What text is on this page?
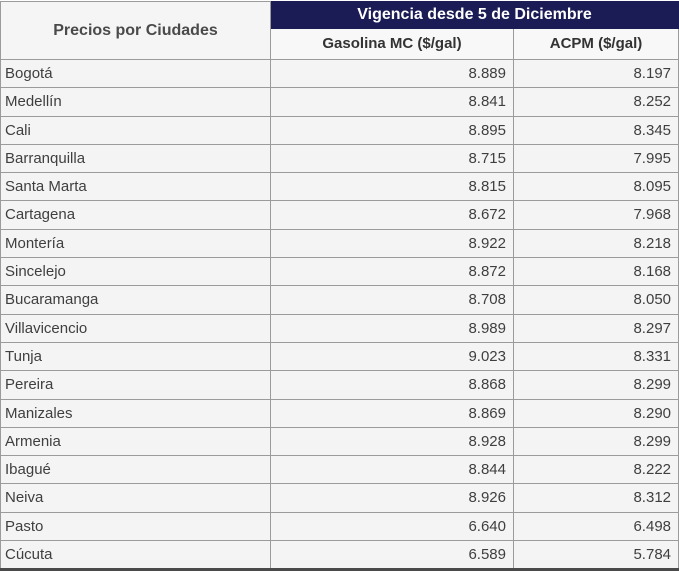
Precios por Ciudades	Vigencia desde 5 de Diciembre	
	Gasolina MC ($/gal)	ACPM ($/gal)
Bogotá	8.889	8.197
Medellín	8.841	8.252
Cali	8.895	8.345
Barranquilla	8.715	7.995
Santa Marta	8.815	8.095
Cartagena	8.672	7.968
Montería	8.922	8.218
Sincelejo	8.872	8.168
Bucaramanga	8.708	8.050
Villavicencio	8.989	8.297
Tunja	9.023	8.331
Pereira	8.868	8.299
Manizales	8.869	8.290
Armenia	8.928	8.299
Ibagué	8.844	8.222
Neiva	8.926	8.312
Pasto	6.640	6.498
Cúcuta	6.589	5.784
